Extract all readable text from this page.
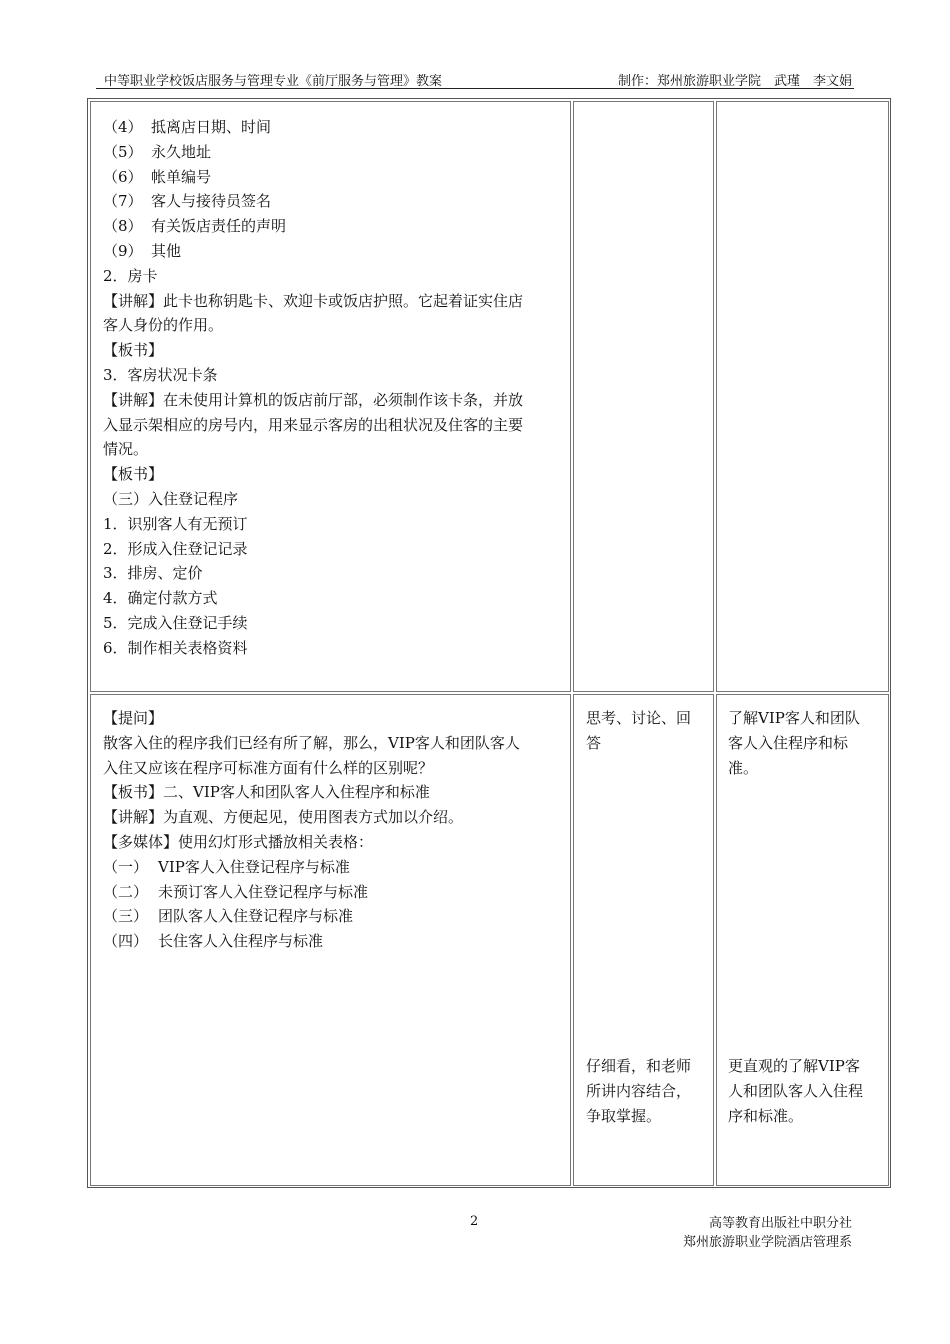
中等职业学校饭店服务与管理专业《前厅服务与管理》教案	制作：郑州旅游职业学院　武瑾　李文娟
（4） 抵离店日期、时间
（5） 永久地址
（6） 帐单编号
（7） 客人与接待员签名
（8） 有关饭店责任的声明
（9） 其他
2．房卡
【讲解】此卡也称钥匙卡、欢迎卡或饭店护照。它起着证实住店
客人身份的作用。
【板书】
3．客房状况卡条
【讲解】在未使用计算机的饭店前厅部，必须制作该卡条，并放
入显示架相应的房号内，用来显示客房的出租状况及住客的主要
情况。
【板书】
（三）入住登记程序
1．识别客人有无预订
2．形成入住登记记录
3．排房、定价
4．确定付款方式
5．完成入住登记手续
6．制作相关表格资料
【提问】
散客入住的程序我们已经有所了解，那么，VIP客人和团队客人
入住又应该在程序可标准方面有什么样的区别呢？
【板书】二、VIP客人和团队客人入住程序和标准
【讲解】为直观、方便起见，使用图表方式加以介绍。
【多媒体】使用幻灯形式播放相关表格：
（一） VIP客人入住登记程序与标准
（二） 未预订客人入住登记程序与标准
（三） 团队客人入住登记程序与标准
（四） 长住客人入住程序与标准
思考、讨论、回
答
仔细看，和老师
所讲内容结合，
争取掌握。
了解VIP客人和团队
客人入住程序和标
准。
更直观的了解VIP客
人和团队客人入住程
序和标准。
2	高等教育出版社中职分社
郑州旅游职业学院酒店管理系
